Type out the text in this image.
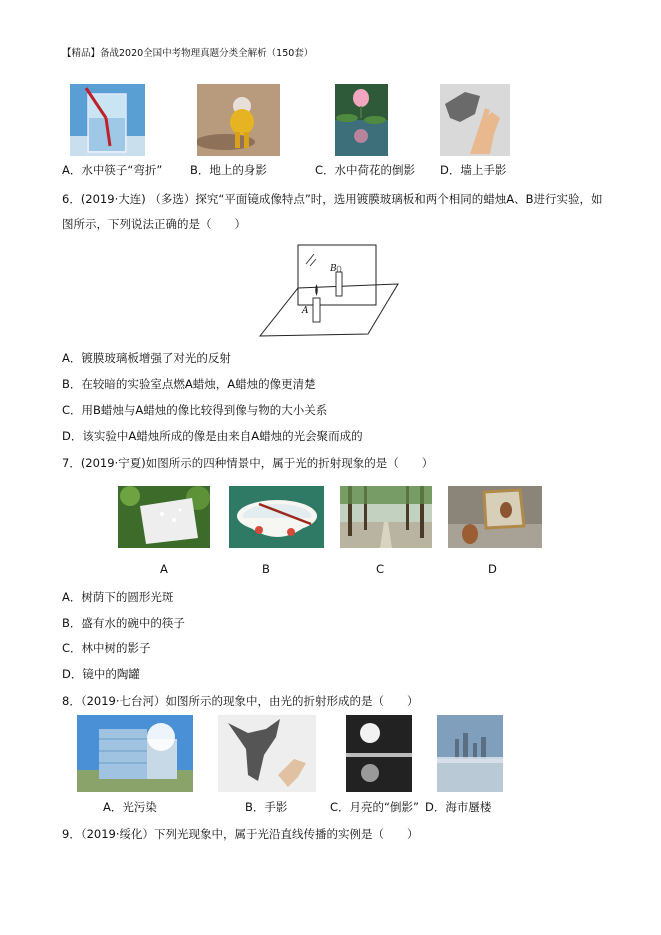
【精品】备战2020全国中考物理真题分类全解析（150套）
A．水中筷子“弯折” B．地上的身影	C．水中荷花的倒影 D．墙上手影
6．(2019·大连) （多选）探究“平面镜成像特点”时，选用镀膜玻璃板和两个相同的蜡烛A、B进行实验，如
图所示，下列说法正确的是（　　）
B
A
A．镀膜玻璃板增强了对光的反射
B．在较暗的实验室点燃A蜡烛，A蜡烛的像更清楚
C．用B蜡烛与A蜡烛的像比较得到像与物的大小关系
D．该实验中A蜡烛所成的像是由来自A蜡烛的光会聚而成的
7．(2019·宁夏)如图所示的四种情景中，属于光的折射现象的是（　　）
A	B	C	D
A．树荫下的圆形光斑
B．盛有水的碗中的筷子
C．林中树的影子
D．镜中的陶罐
8．（2019·七台河）如图所示的现象中，由光的折射形成的是（　　）
A．光污染	B．手影	C．月亮的“倒影” D．海市蜃楼
9．（2019·绥化）下列光现象中，属于光沿直线传播的实例是（　　）
